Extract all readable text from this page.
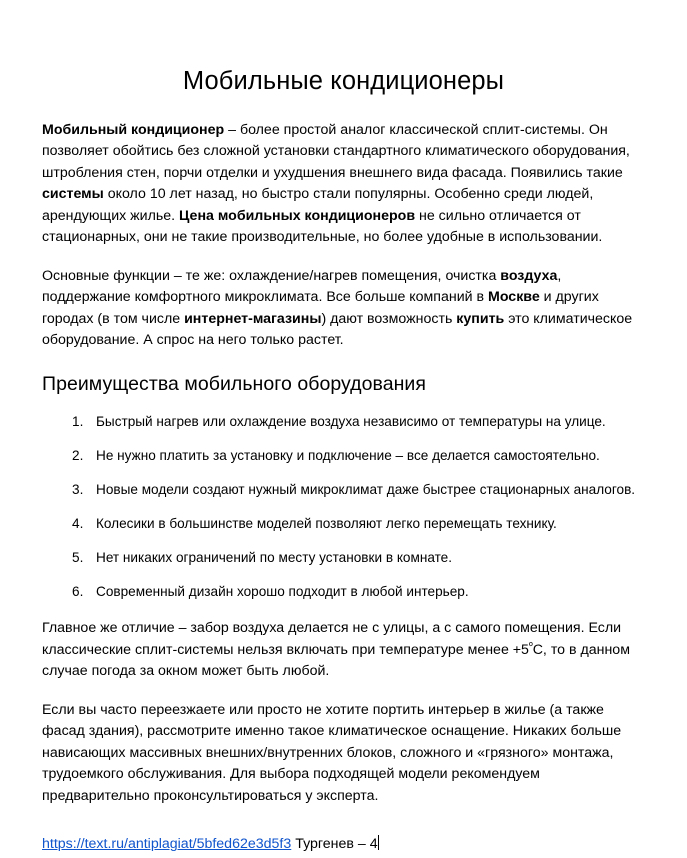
Мобильные кондиционеры

Мобильный кондиционер – более простой аналог классической сплит-системы. Он позволяет обойтись без сложной установки стандартного климатического оборудования, штробления стен, порчи отделки и ухудшения внешнего вида фасада. Появились такие системы около 10 лет назад, но быстро стали популярны. Особенно среди людей, арендующих жилье. Цена мобильных кондиционеров не сильно отличается от стационарных, они не такие производительные, но более удобные в использовании.

Основные функции – те же: охлаждение/нагрев помещения, очистка воздуха, поддержание комфортного микроклимата. Все больше компаний в Москве и других городах (в том числе интернет-магазины) дают возможность купить это климатическое оборудование. А спрос на него только растет.

Преимущества мобильного оборудования
Быстрый нагрев или охлаждение воздуха независимо от температуры на улице.
Не нужно платить за установку и подключение – все делается самостоятельно.
Новые модели создают нужный микроклимат даже быстрее стационарных аналогов.
Колесики в большинстве моделей позволяют легко перемещать технику.
Нет никаких ограничений по месту установки в комнате.
Современный дизайн хорошо подходит в любой интерьер.

Главное же отличие – забор воздуха делается не с улицы, а с самого помещения. Если классические сплит-системы нельзя включать при температуре менее $+5^ºC$, то в данном случае погода за окном может быть любой.

Если вы часто переезжаете или просто не хотите портить интерьер в жилье (а также фасад здания), рассмотрите именно такое климатическое оснащение. Никаких больше нависающих массивных внешних/внутренних блоков, сложного и «грязного» монтажа, трудоемкого обслуживания. Для выбора подходящей модели рекомендуем предварительно проконсультироваться у эксперта.

https://text.ru/antiplagiat/5bfed62e3d5f3 Тургенев – 4
